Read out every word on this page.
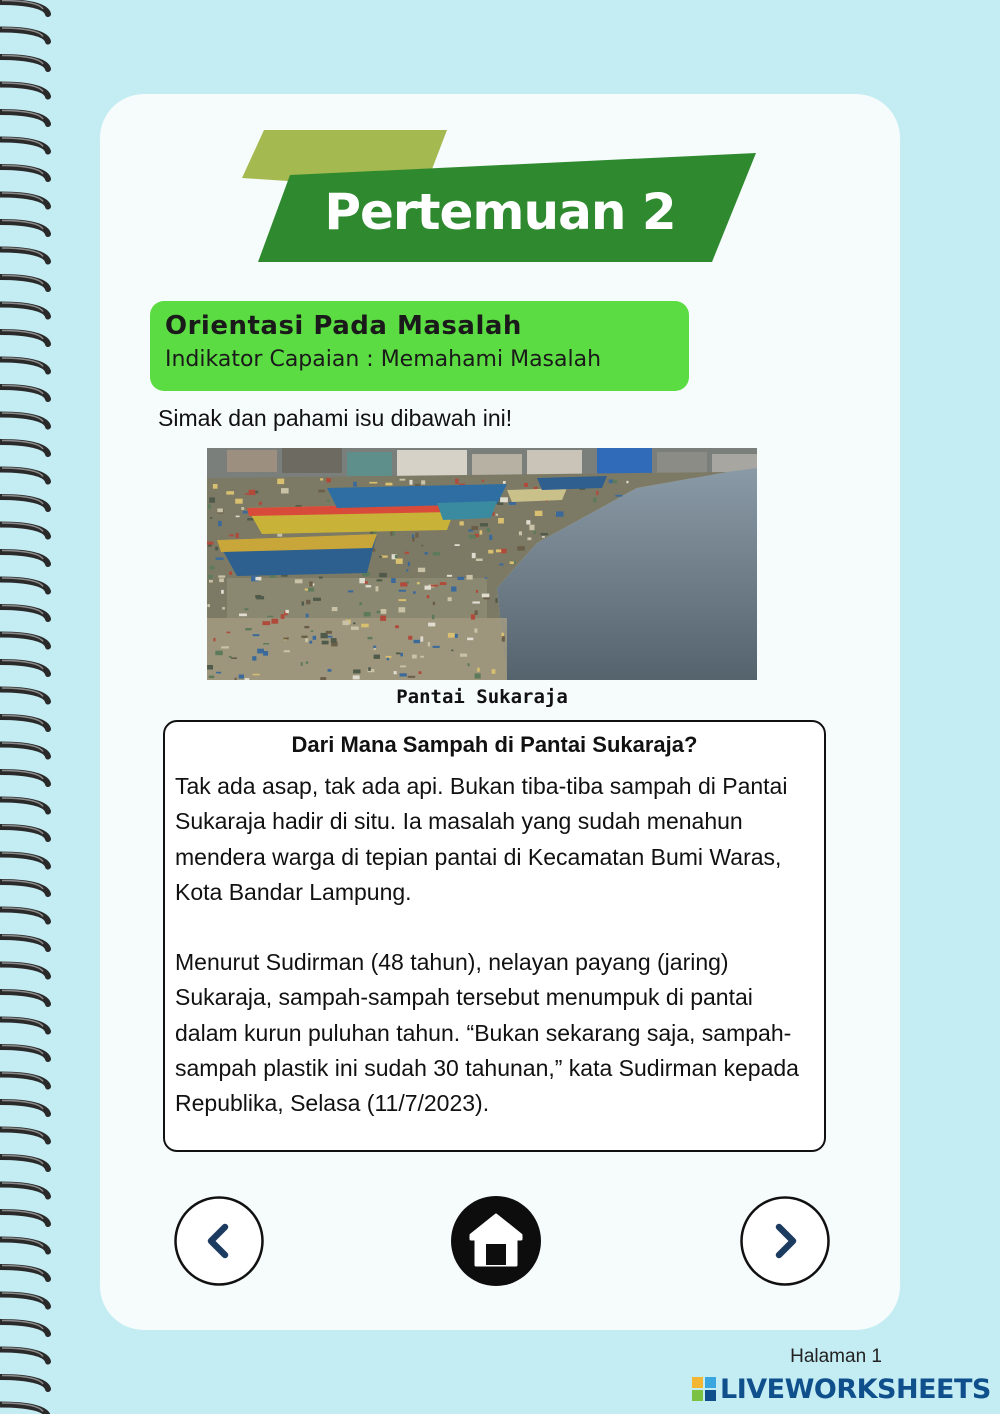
Pertemuan 2
Orientasi Pada Masalah
Indikator Capaian : Memahami Masalah
Simak dan pahami isu dibawah ini!
Pantai Sukaraja
Dari Mana Sampah di Pantai Sukaraja?

Tak ada asap, tak ada api. Bukan tiba-tiba sampah di Pantai Sukaraja hadir di situ. Ia masalah yang sudah menahun mendera warga di tepian pantai di Kecamatan Bumi Waras, Kota Bandar Lampung.

Menurut Sudirman (48 tahun), nelayan payang (jaring) Sukaraja, sampah-sampah tersebut menumpuk di pantai dalam kurun puluhan tahun. “Bukan sekarang saja, sampah-sampah plastik ini sudah 30 tahunan,” kata Sudirman kepada Republika, Selasa (11/7/2023).

Halaman 1
LIVEWORKSHEETS
